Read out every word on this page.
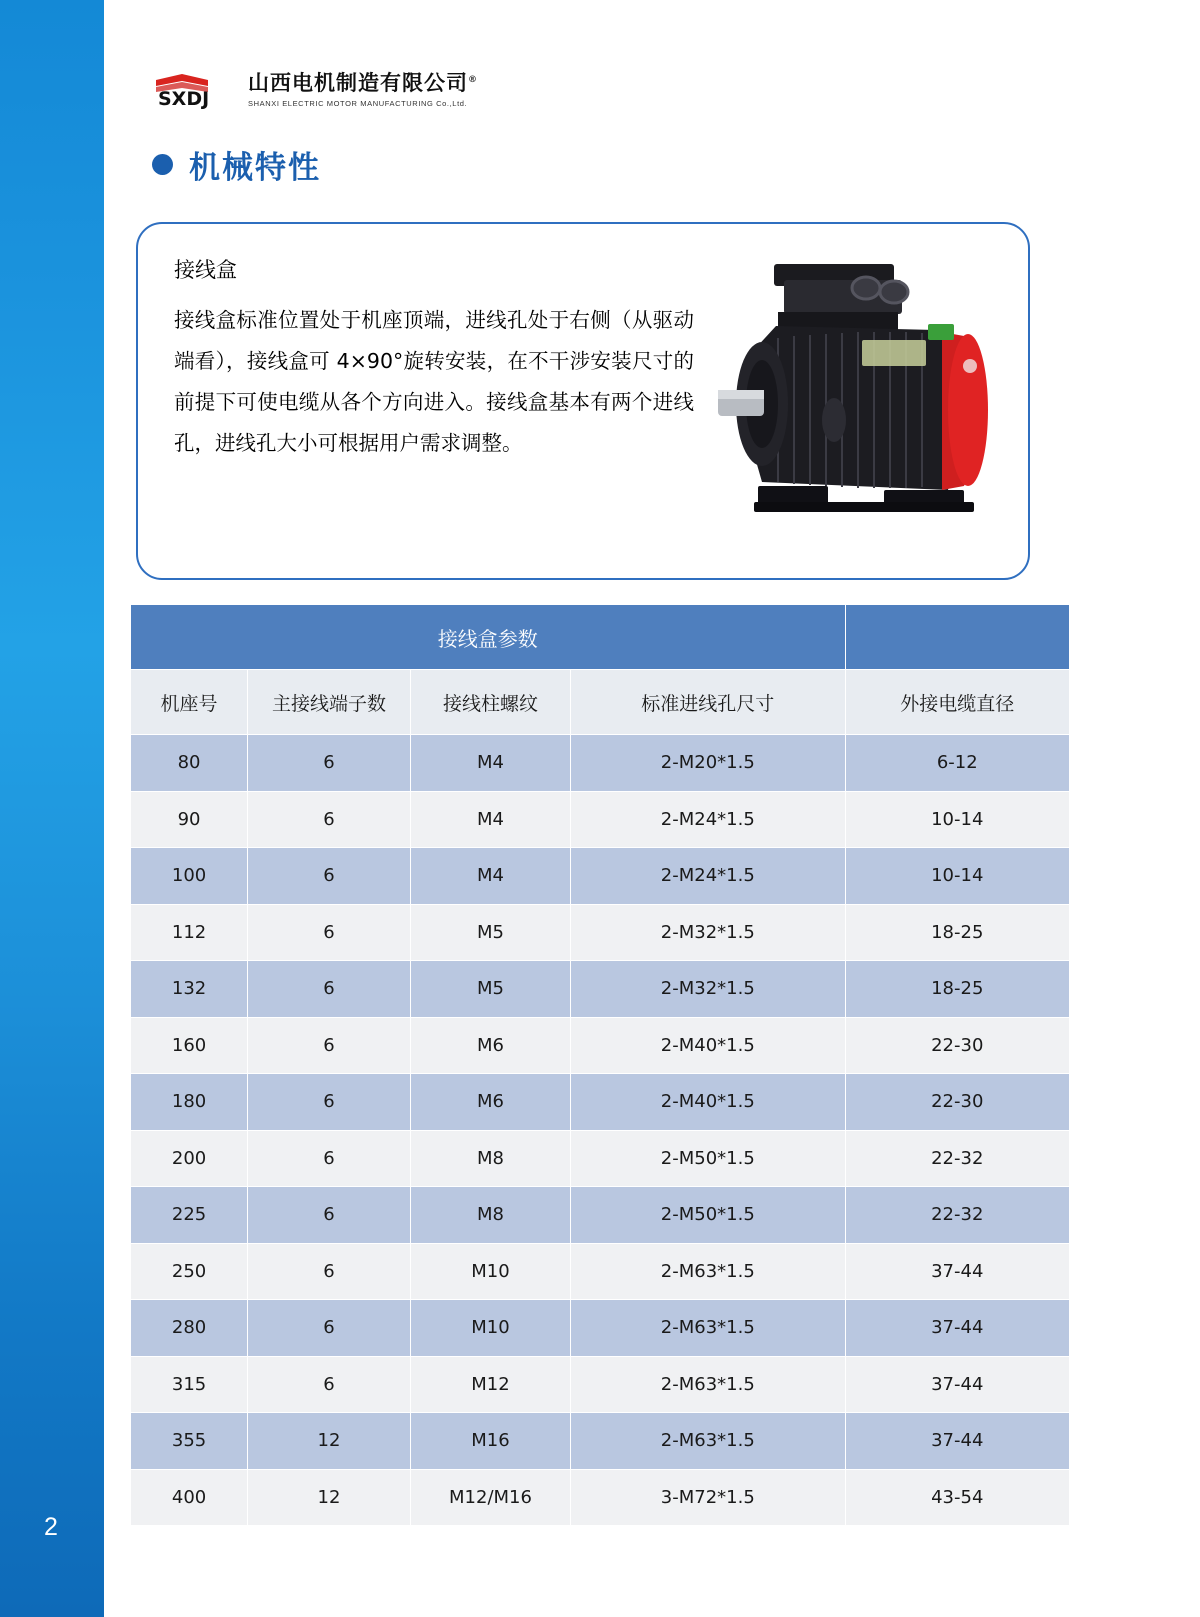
2
SXDJ
山西电机制造有限公司®
SHANXI ELECTRIC MOTOR MANUFACTURING Co.,Ltd.
机械特性
接线盒
接线盒标准位置处于机座顶端，进线孔处于右侧（从驱动端看），接线盒可 4×90°旋转安装，在不干涉安装尺寸的前提下可使电缆从各个方向进入。接线盒基本有两个进线孔，进线孔大小可根据用户需求调整。
接线盒参数				
机座号	主接线端子数	接线柱螺纹	标准进线孔尺寸	外接电缆直径
80	6	M4	2-M20*1.5	6-12
90	6	M4	2-M24*1.5	10-14
100	6	M4	2-M24*1.5	10-14
112	6	M5	2-M32*1.5	18-25
132	6	M5	2-M32*1.5	18-25
160	6	M6	2-M40*1.5	22-30
180	6	M6	2-M40*1.5	22-30
200	6	M8	2-M50*1.5	22-32
225	6	M8	2-M50*1.5	22-32
250	6	M10	2-M63*1.5	37-44
280	6	M10	2-M63*1.5	37-44
315	6	M12	2-M63*1.5	37-44
355	12	M16	2-M63*1.5	37-44
400	12	M12/M16	3-M72*1.5	43-54
